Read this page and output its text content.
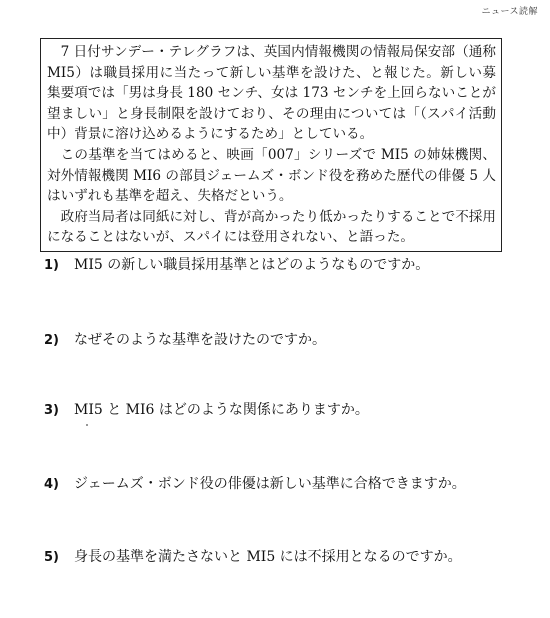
ニュース読解

7 日付サンデー・テレグラフは、英国内情報機関の情報局保安部（通称 MI5）は職員採用に当たって新しい基準を設けた、と報じた。新しい募集要項では「男は身長 180 センチ、女は 173 センチを上回らないことが望ましい」と身長制限を設けており、その理由については「（スパイ活動中）背景に溶け込めるようにするため」としている。

この基準を当てはめると、映画「007」シリーズで MI5 の姉妹機関、対外情報機関 MI6 の部員ジェームズ・ボンド役を務めた歴代の俳優 5 人はいずれも基準を超え、失格だという。

政府当局者は同紙に対し、背が高かったり低かったりすることで不採用になることはないが、スパイには登用されない、と語った。

1) MI5 の新しい職員採用基準とはどのようなものですか。
2) なぜそのような基準を設けたのですか。
3) MI5 と MI6 はどのような関係にありますか。
4) ジェームズ・ボンド役の俳優は新しい基準に合格できますか。
5) 身長の基準を満たさないと MI5 には不採用となるのですか。
